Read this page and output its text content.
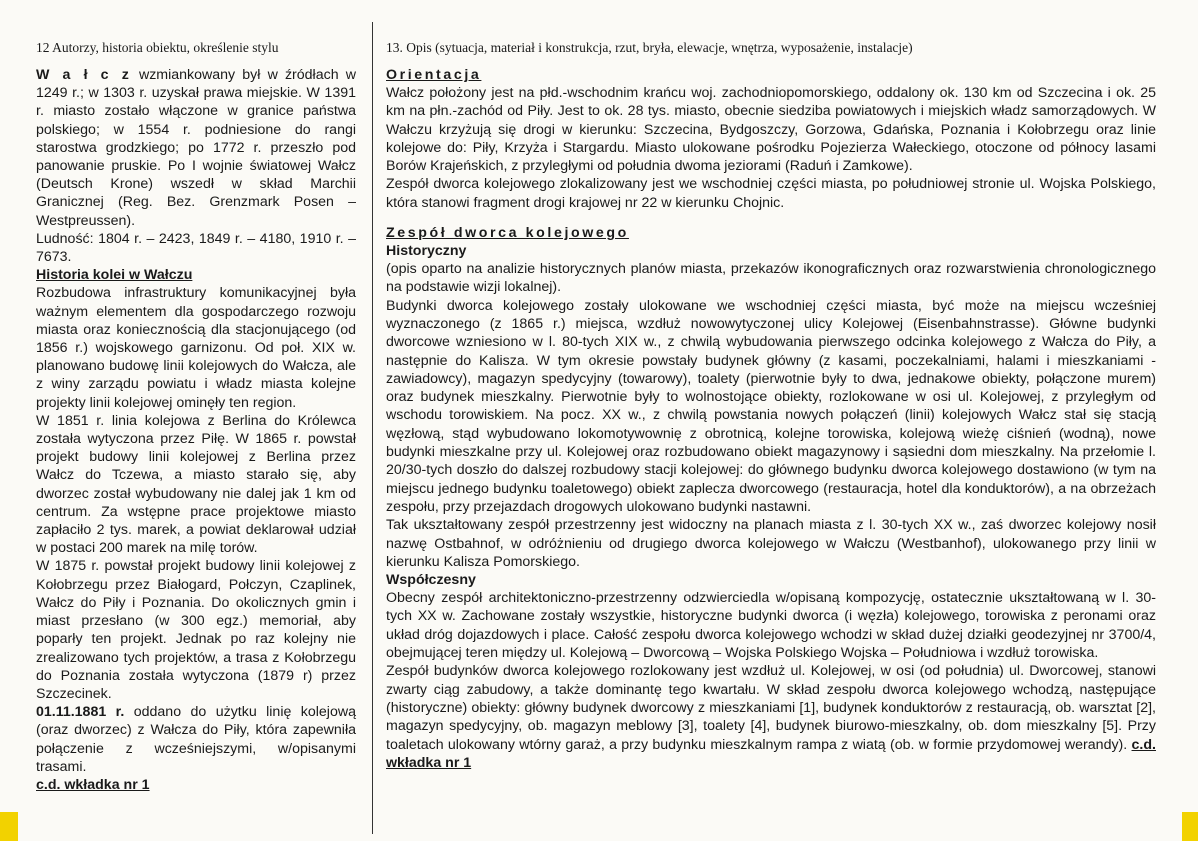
12 Autorzy, historia obiektu, określenie stylu

W a ł c z wzmiankowany był w źródłach w 1249 r.; w 1303 r. uzyskał prawa miejskie. W 1391 r. miasto zostało włączone w granice państwa polskiego; w 1554 r. podniesione do rangi starostwa grodzkiego; po 1772 r. przeszło pod panowanie pruskie. Po I wojnie światowej Wałcz (Deutsch Krone) wszedł w skład Marchii Granicznej (Reg. Bez. Grenzmark Posen – Westpreussen).

Ludność: 1804 r. – 2423, 1849 r. – 4180, 1910 r. – 7673.

Historia kolei w Wałczu

Rozbudowa infrastruktury komunikacyjnej była ważnym elementem dla gospodarczego rozwoju miasta oraz koniecznością dla stacjonującego (od 1856 r.) wojskowego garnizonu. Od poł. XIX w. planowano budowę linii kolejowych do Wałcza, ale z winy zarządu powiatu i władz miasta kolejne projekty linii kolejowej ominęły ten region.

W 1851 r. linia kolejowa z Berlina do Królewca została wytyczona przez Piłę. W 1865 r. powstał projekt budowy linii kolejowej z Berlina przez Wałcz do Tczewa, a miasto starało się, aby dworzec został wybudowany nie dalej jak 1 km od centrum. Za wstępne prace projektowe miasto zapłaciło 2 tys. marek, a powiat deklarował udział w postaci 200 marek na milę torów.

W 1875 r. powstał projekt budowy linii kolejowej z Kołobrzegu przez Białogard, Połczyn, Czaplinek, Wałcz do Piły i Poznania. Do okolicznych gmin i miast przesłano (w 300 egz.) memoriał, aby poparły ten projekt. Jednak po raz kolejny nie zrealizowano tych projektów, a trasa z Kołobrzegu do Poznania została wytyczona (1879 r) przez Szczecinek.

01.11.1881 r. oddano do użytku linię kolejową (oraz dworzec) z Wałcza do Piły, która zapewniła połączenie z wcześniejszymi, w/opisanymi trasami.

c.d. wkładka nr 1

13. Opis (sytuacja, materiał i konstrukcja, rzut, bryła, elewacje, wnętrza, wyposażenie, instalacje)

Orientacja

Wałcz położony jest na płd.-wschodnim krańcu woj. zachodniopomorskiego, oddalony ok. 130 km od Szczecina i ok. 25 km na płn.-zachód od Piły. Jest to ok. 28 tys. miasto, obecnie siedziba powiatowych i miejskich władz samorządowych. W Wałczu krzyżują się drogi w kierunku: Szczecina, Bydgoszczy, Gorzowa, Gdańska, Poznania i Kołobrzegu oraz linie kolejowe do: Piły, Krzyża i Stargardu. Miasto ulokowane pośrodku Pojezierza Wałeckiego, otoczone od północy lasami Borów Krajeńskich, z przyległymi od południa dwoma jeziorami (Raduń i Zamkowe).

Zespół dworca kolejowego zlokalizowany jest we wschodniej części miasta, po południowej stronie ul. Wojska Polskiego, która stanowi fragment drogi krajowej nr 22 w kierunku Chojnic.

Zespół dworca kolejowego

Historyczny

(opis oparto na analizie historycznych planów miasta, przekazów ikonograficznych oraz rozwarstwienia chronologicznego na podstawie wizji lokalnej).

Budynki dworca kolejowego zostały ulokowane we wschodniej części miasta, być może na miejscu wcześniej wyznaczonego (z 1865 r.) miejsca, wzdłuż nowowytyczonej ulicy Kolejowej (Eisenbahnstrasse). Główne budynki dworcowe wzniesiono w l. 80-tych XIX w., z chwilą wybudowania pierwszego odcinka kolejowego z Wałcza do Piły, a następnie do Kalisza. W tym okresie powstały budynek główny (z kasami, poczekalniami, halami i mieszkaniami - zawiadowcy), magazyn spedycyjny (towarowy), toalety (pierwotnie były to dwa, jednakowe obiekty, połączone murem) oraz budynek mieszkalny. Pierwotnie były to wolnostojące obiekty, rozlokowane w osi ul. Kolejowej, z przyległym od wschodu torowiskiem. Na pocz. XX w., z chwilą powstania nowych połączeń (linii) kolejowych Wałcz stał się stacją węzłową, stąd wybudowano lokomotywownię z obrotnicą, kolejne torowiska, kolejową wieżę ciśnień (wodną), nowe budynki mieszkalne przy ul. Kolejowej oraz rozbudowano obiekt magazynowy i sąsiedni dom mieszkalny. Na przełomie l. 20/30-tych doszło do dalszej rozbudowy stacji kolejowej: do głównego budynku dworca kolejowego dostawiono (w tym na miejscu jednego budynku toaletowego) obiekt zaplecza dworcowego (restauracja, hotel dla konduktorów), a na obrzeżach zespołu, przy przejazdach drogowych ulokowano budynki nastawni.

Tak ukształtowany zespół przestrzenny jest widoczny na planach miasta z l. 30-tych XX w., zaś dworzec kolejowy nosił nazwę Ostbahnof, w odróżnieniu od drugiego dworca kolejowego w Wałczu (Westbanhof), ulokowanego przy linii w kierunku Kalisza Pomorskiego.

Współczesny

Obecny zespół architektoniczno-przestrzenny odzwierciedla w/opisaną kompozycję, ostatecznie ukształtowaną w l. 30-tych XX w. Zachowane zostały wszystkie, historyczne budynki dworca (i węzła) kolejowego, torowiska z peronami oraz układ dróg dojazdowych i place. Całość zespołu dworca kolejowego wchodzi w skład dużej działki geodezyjnej nr 3700/4, obejmującej teren między ul. Kolejową – Dworcową – Wojska Polskiego Wojska – Południowa i wzdłuż torowiska.

Zespół budynków dworca kolejowego rozlokowany jest wzdłuż ul. Kolejowej, w osi (od południa) ul. Dworcowej, stanowi zwarty ciąg zabudowy, a także dominantę tego kwartału. W skład zespołu dworca kolejowego wchodzą, następujące (historyczne) obiekty: główny budynek dworcowy z mieszkaniami [1], budynek konduktorów z restauracją, ob. warsztat [2], magazyn spedycyjny, ob. magazyn meblowy [3], toalety [4], budynek biurowo-mieszkalny, ob. dom mieszkalny [5]. Przy toaletach ulokowany wtórny garaż, a przy budynku mieszkalnym rampa z wiatą (ob. w formie przydomowej werandy). c.d. wkładka nr 1
